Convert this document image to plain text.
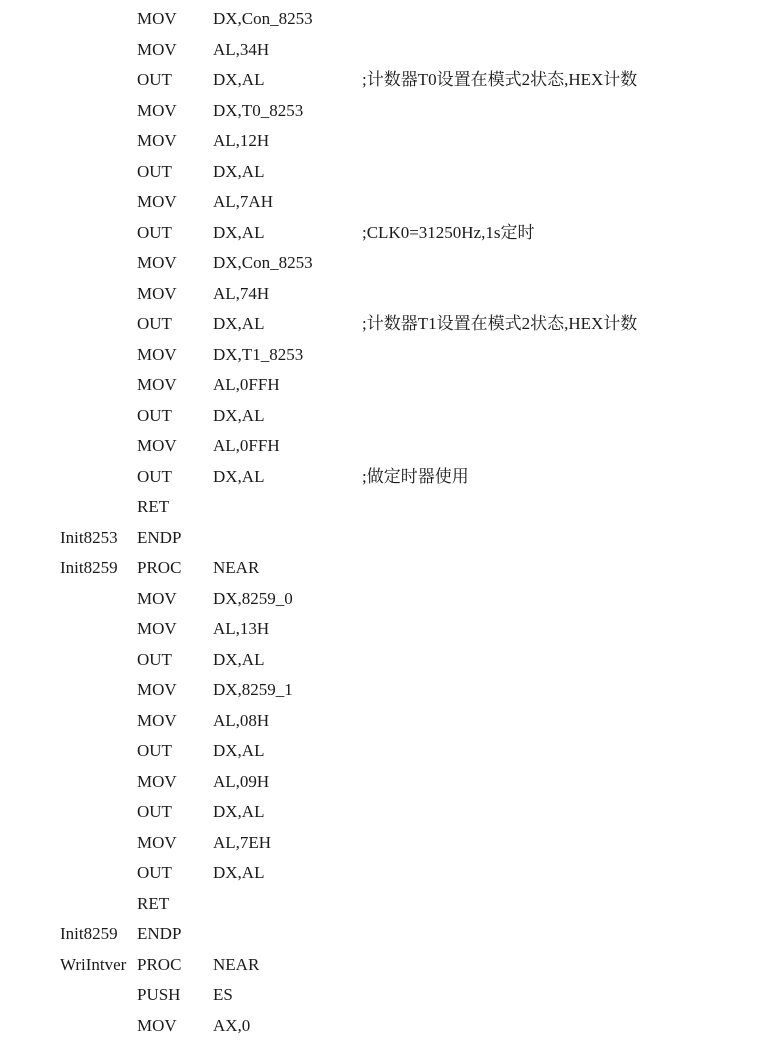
MOV DX,Con_8253
MOV AL,34H
OUT DX,AL	;计数器T0设置在模式2状态,HEX计数
MOV DX,T0_8253
MOV AL,12H
OUT DX,AL
MOV AL,7AH
OUT DX,AL	;CLK0=31250Hz,1s定时
MOV DX,Con_8253
MOV AL,74H
OUT DX,AL	;计数器T1设置在模式2状态,HEX计数
MOV DX,T1_8253
MOV AL,0FFH
OUT DX,AL
MOV AL,0FFH
OUT DX,AL	;做定时器使用
RET
Init8253 ENDP
Init8259 PROC NEAR
MOV DX,8259_0
MOV AL,13H
OUT DX,AL
MOV DX,8259_1
MOV AL,08H
OUT DX,AL
MOV AL,09H
OUT DX,AL
MOV AL,7EH
OUT DX,AL
RET
Init8259 ENDP
WriIntver PROC NEAR
PUSH ES
MOV AX,0
